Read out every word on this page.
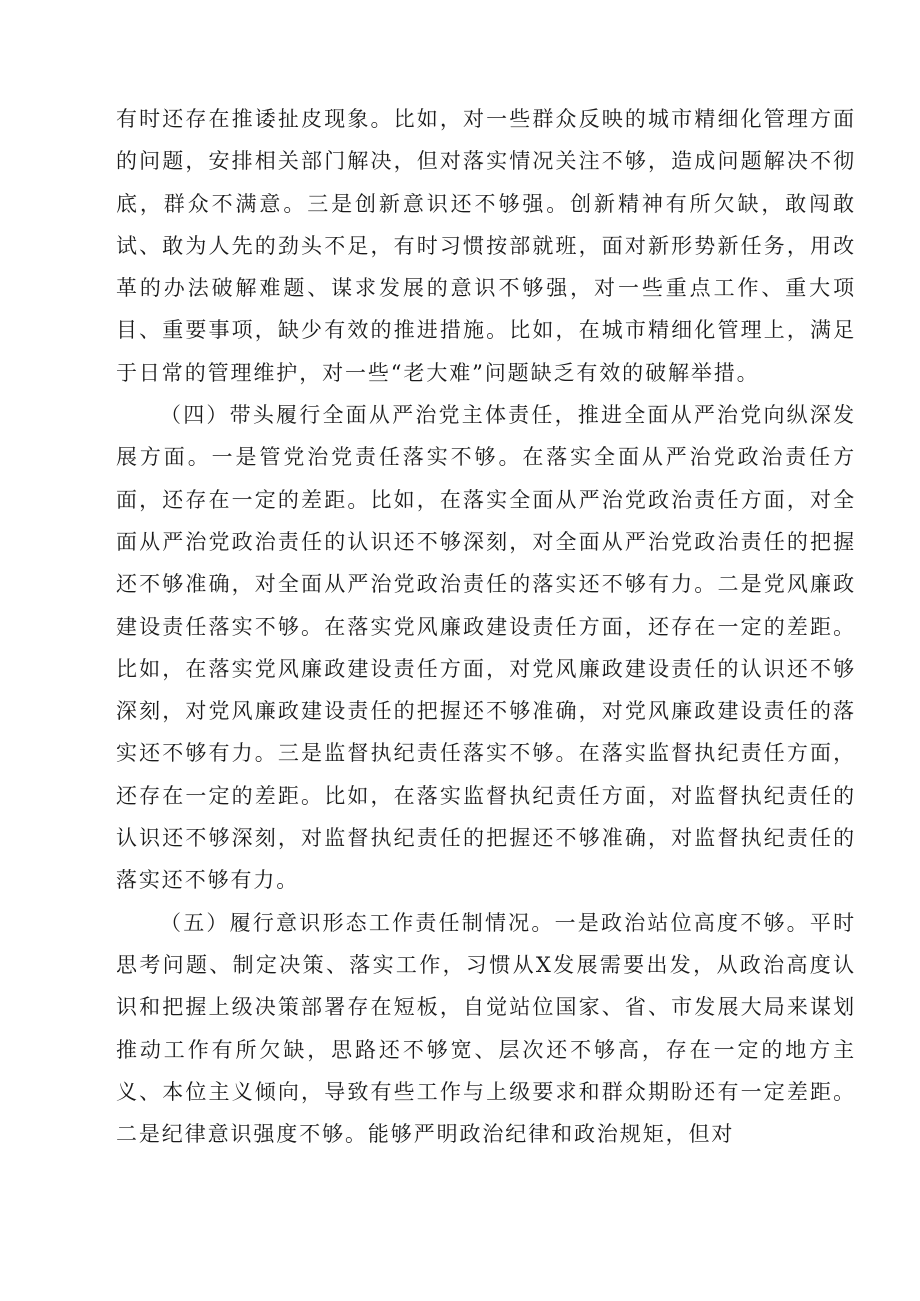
有时还存在推诿扯皮现象。比如，对一些群众反映的城市精细化管理方面的问题，安排相关部门解决，但对落实情况关注不够，造成问题解决不彻底，群众不满意。三是创新意识还不够强。创新精神有所欠缺，敢闯敢试、敢为人先的劲头不足，有时习惯按部就班，面对新形势新任务，用改革的办法破解难题、谋求发展的意识不够强，对一些重点工作、重大项目、重要事项，缺少有效的推进措施。比如，在城市精细化管理上，满足于日常的管理维护，对一些“老大难”问题缺乏有效的破解举措。

（四）带头履行全面从严治党主体责任，推进全面从严治党向纵深发展方面。一是管党治党责任落实不够。在落实全面从严治党政治责任方面，还存在一定的差距。比如，在落实全面从严治党政治责任方面，对全面从严治党政治责任的认识还不够深刻，对全面从严治党政治责任的把握还不够准确，对全面从严治党政治责任的落实还不够有力。二是党风廉政建设责任落实不够。在落实党风廉政建设责任方面，还存在一定的差距。比如，在落实党风廉政建设责任方面，对党风廉政建设责任的认识还不够深刻，对党风廉政建设责任的把握还不够准确，对党风廉政建设责任的落实还不够有力。三是监督执纪责任落实不够。在落实监督执纪责任方面，还存在一定的差距。比如，在落实监督执纪责任方面，对监督执纪责任的认识还不够深刻，对监督执纪责任的把握还不够准确，对监督执纪责任的落实还不够有力。

（五）履行意识形态工作责任制情况。一是政治站位高度不够。平时思考问题、制定决策、落实工作，习惯从X发展需要出发，从政治高度认识和把握上级决策部署存在短板，自觉站位国家、省、市发展大局来谋划推动工作有所欠缺，思路还不够宽、层次还不够高，存在一定的地方主义、本位主义倾向，导致有些工作与上级要求和群众期盼还有一定差距。二是纪律意识强度不够。能够严明政治纪律和政治规矩，但对
